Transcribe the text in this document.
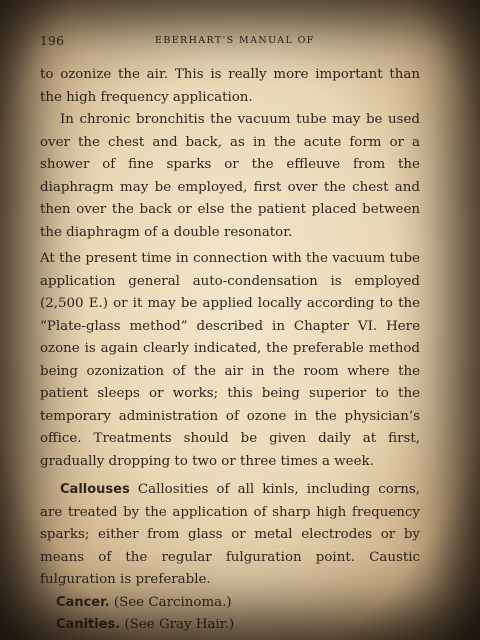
196	EBERHART'S MANUAL OF

to ozonize the air. This is really more important than the high frequency application.

In chronic bronchitis the vacuum tube may be used over the chest and back, as in the acute form or a shower of fine sparks or the effleuve from the diaphragm may be employed, first over the chest and then over the back or else the patient placed between the diaphragm of a double resonator.

At the present time in connection with the vacuum tube application general auto-condensation is employed (2,500 E.) or it may be applied locally according to the “Plate-glass method” described in Chapter VI. Here ozone is again clearly indicated, the preferable method being ozonization of the air in the room where the patient sleeps or works; this being superior to the temporary administration of ozone in the physician’s office. Treatments should be given daily at first, gradually dropping to two or three times a week.

Callouses Callosities of all kinls, including corns, are treated by the application of sharp high frequency sparks; either from glass or metal electrodes or by means of the regular fulguration point. Caustic fulguration is preferable.

Cancer. (See Carcinoma.)

Canities. (See Gray Hair.)
